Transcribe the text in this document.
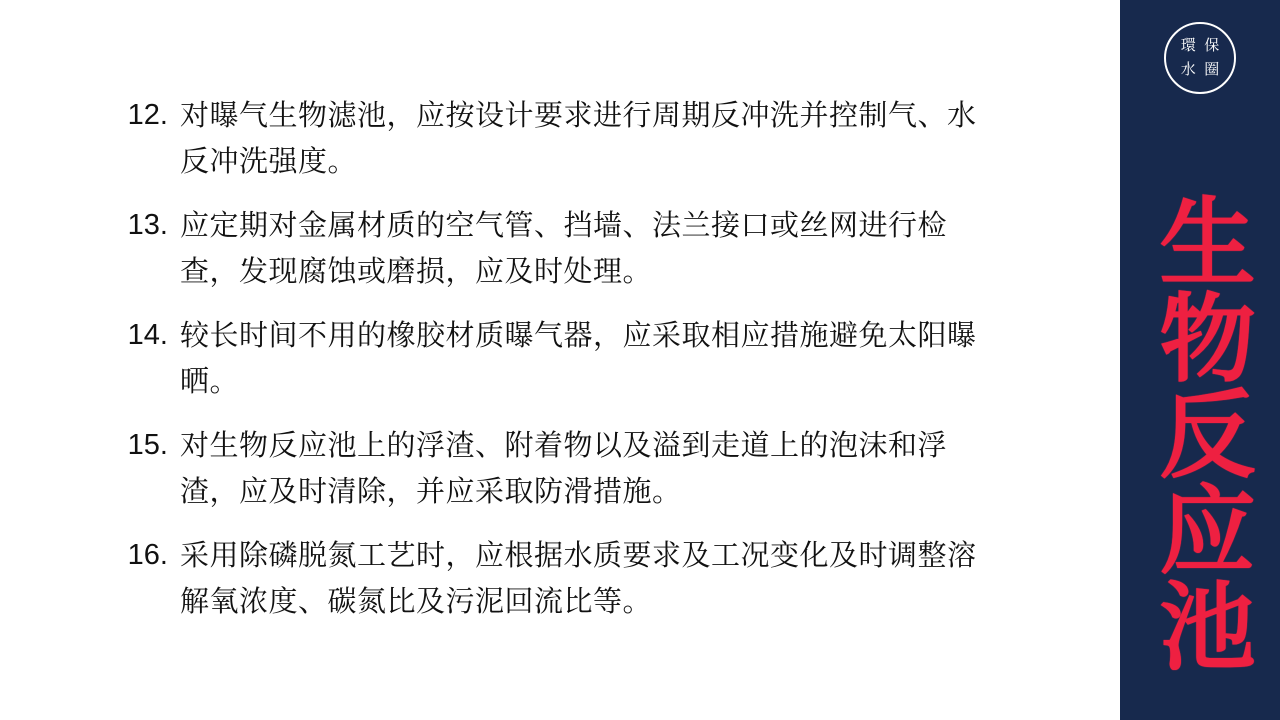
12. 对曝气生物滤池，应按设计要求进行周期反冲洗并控制气、水反冲洗强度。
13. 应定期对金属材质的空气管、挡墙、法兰接口或丝网进行检查，发现腐蚀或磨损，应及时处理。
14. 较长时间不用的橡胶材质曝气器，应采取相应措施避免太阳曝晒。
15. 对生物反应池上的浮渣、附着物以及溢到走道上的泡沫和浮渣，应及时清除，并应采取防滑措施。
16. 采用除磷脱氮工艺时，应根据水质要求及工况变化及时调整溶解氧浓度、碳氮比及污泥回流比等。
環 保
水 圈
生物反应池
